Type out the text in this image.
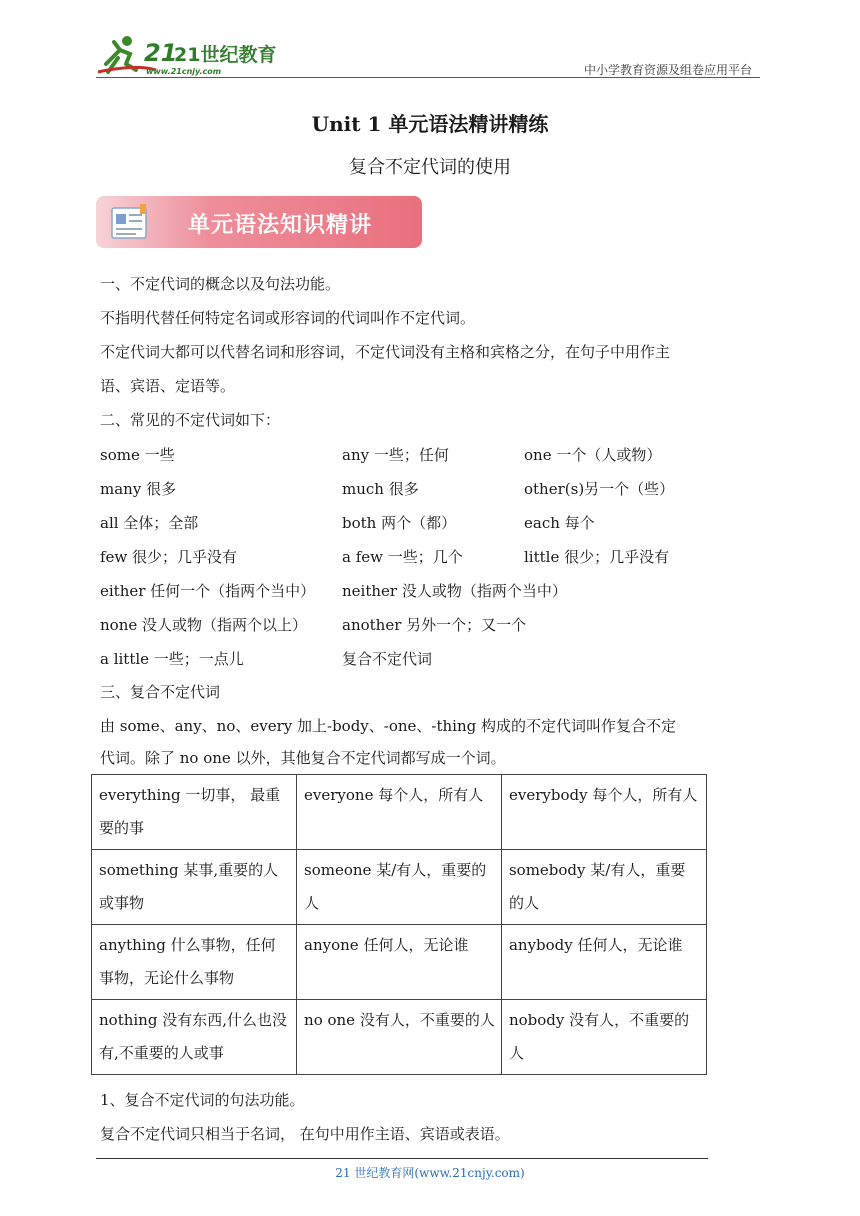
21
21世纪教育
www.21cnjy.com	中小学教育资源及组卷应用平台
Unit 1 单元语法精讲精练
复合不定代词的使用
单元语法知识精讲
一、不定代词的概念以及句法功能。
不指明代替任何特定名词或形容词的代词叫作不定代词。
不定代词大都可以代替名词和形容词，不定代词没有主格和宾格之分，在句子中用作主
语、宾语、定语等。
二、常见的不定代词如下：
some 一些	any 一些；任何	one 一个（人或物）
many 很多	much 很多	other(s)另一个（些）
all 全体；全部	both 两个（都）	each 每个
few 很少；几乎没有	a few 一些；几个	little 很少；几乎没有
either 任何一个（指两个当中） neither 没人或物（指两个当中）
none 没人或物（指两个以上） another 另外一个；又一个
a little 一些；一点儿	复合不定代词
三、复合不定代词
由 some、any、no、every 加上-body、-one、-thing 构成的不定代词叫作复合不定
代词。除了 no one 以外，其他复合不定代词都写成一个词。
everything 一切事， 最重要的事	everyone 每个人，所有人	everybody 每个人，所有人
something 某事,重要的人或事物	someone 某/有人，重要的人	somebody 某/有人，重要的人
anything 什么事物，任何事物，无论什么事物	anyone 任何人，无论谁	anybody 任何人，无论谁
nothing 没有东西,什么也没有,不重要的人或事	no one 没有人，不重要的人	nobody 没有人，不重要的人
1、复合不定代词的句法功能。
复合不定代词只相当于名词， 在句中用作主语、宾语或表语。
21 世纪教育网(www.21cnjy.com)
